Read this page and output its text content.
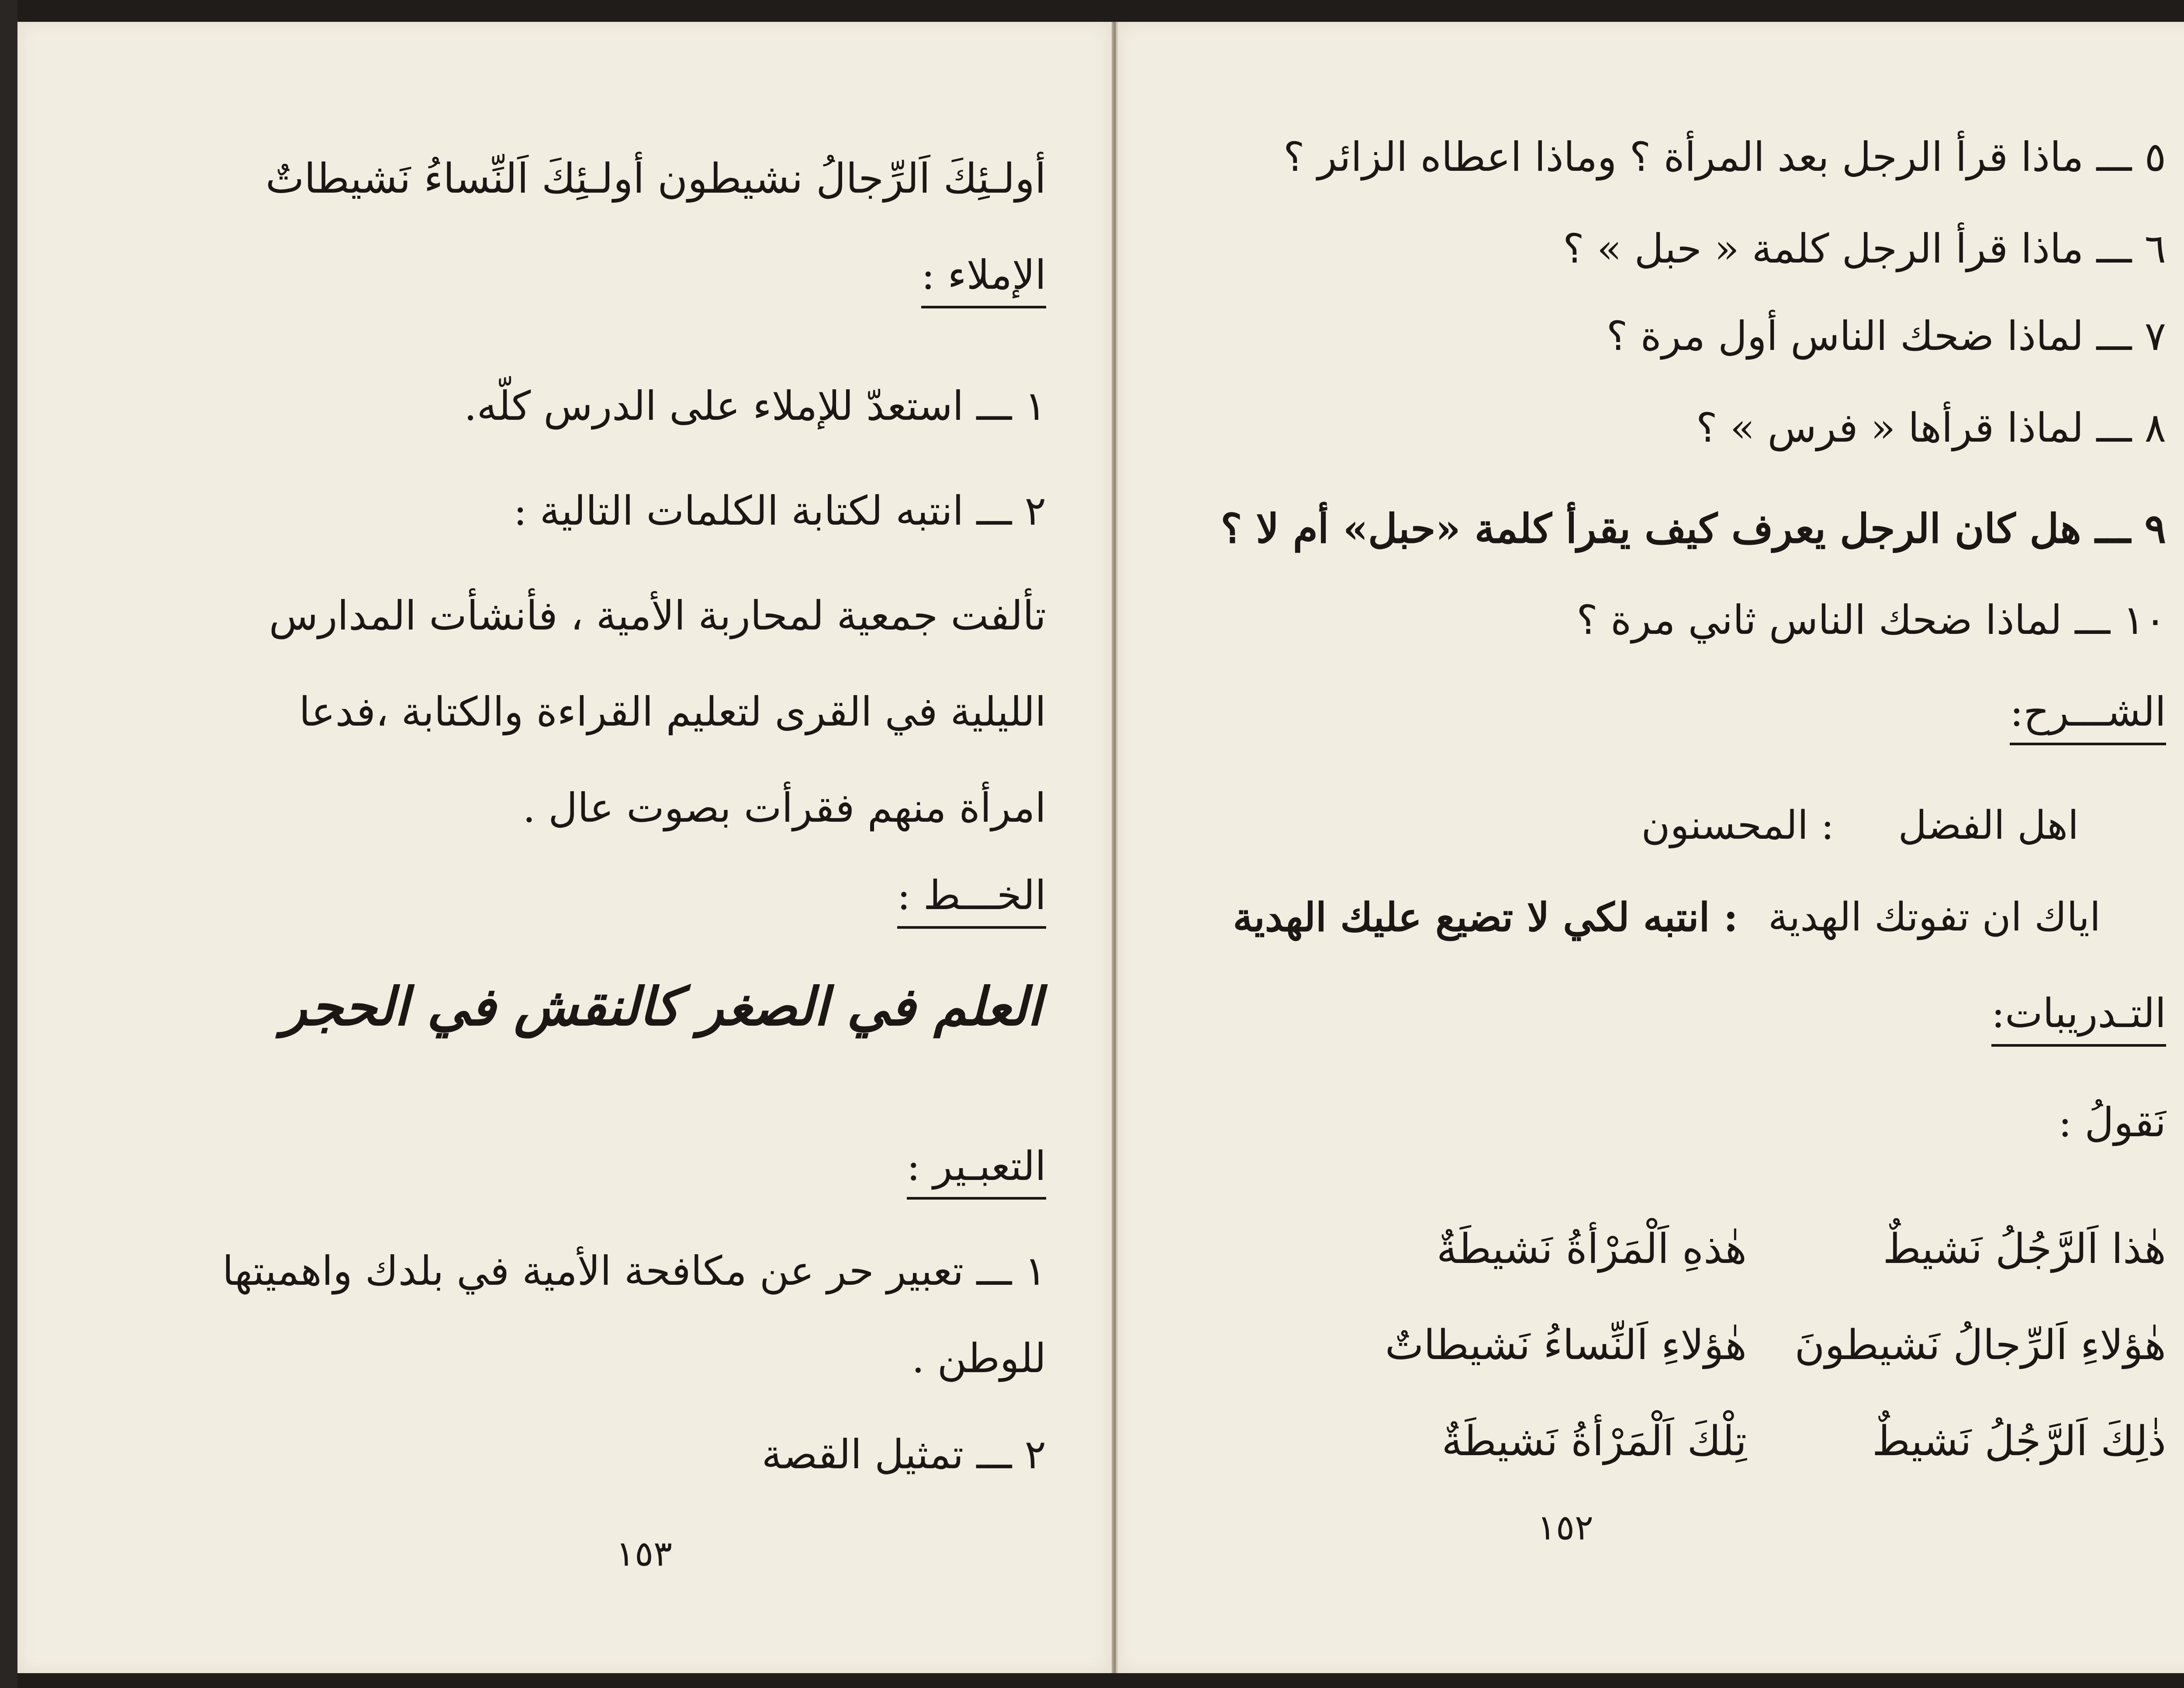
أولـئِكَ اَلرِّجالُ نشيطون أولـئِكَ اَلنِّساءُ نَشيطاتٌ
الإملاء :
١ ـــ استعدّ للإملاء على الدرس كلّه.
٢ ـــ انتبه لكتابة الكلمات التالية :
تألفت جمعية لمحاربة الأمية ، فأنشأت المدارس
الليلية في القرى لتعليم القراءة والكتابة ،فدعا
امرأة منهم فقرأت بصوت عال .
الخـــط :
العلم في الصغر كالنقش في الحجر
التعبـير :
١ ـــ تعبير حر عن مكافحة الأمية في بلدك واهميتها
للوطن .
٢ ـــ تمثيل القصة
١٥٣
٥ ـــ ماذا قرأ الرجل بعد المرأة ؟ وماذا اعطاه الزائر ؟
٦ ـــ ماذا قرأ الرجل كلمة « حبل » ؟
٧ ـــ لماذا ضحك الناس أول مرة ؟
٨ ـــ لماذا قرأها « فرس » ؟
٩ ـــ هل كان الرجل يعرف كيف يقرأ كلمة «حبل» أم لا ؟
١٠ ـــ لماذا ضحك الناس ثاني مرة ؟
الشـــرح:
اهل الفضل
: المحسنون
اياك ان تفوتك الهدية
: انتبه لكي لا تضيع عليك الهدية
التـدريبات:
نَقولُ :
هٰذا اَلرَّجُلُ نَشيطٌ
هٰذهِ اَلْمَرْأةُ نَشيطَةٌ
هٰؤلاءِ اَلرِّجالُ نَشيطونَ
هٰؤلاءِ اَلنِّساءُ نَشيطاتٌ
ذٰلِكَ اَلرَّجُلُ نَشيطٌ
تِلْكَ اَلْمَرْأةُ نَشيطَةٌ
١٥٢
